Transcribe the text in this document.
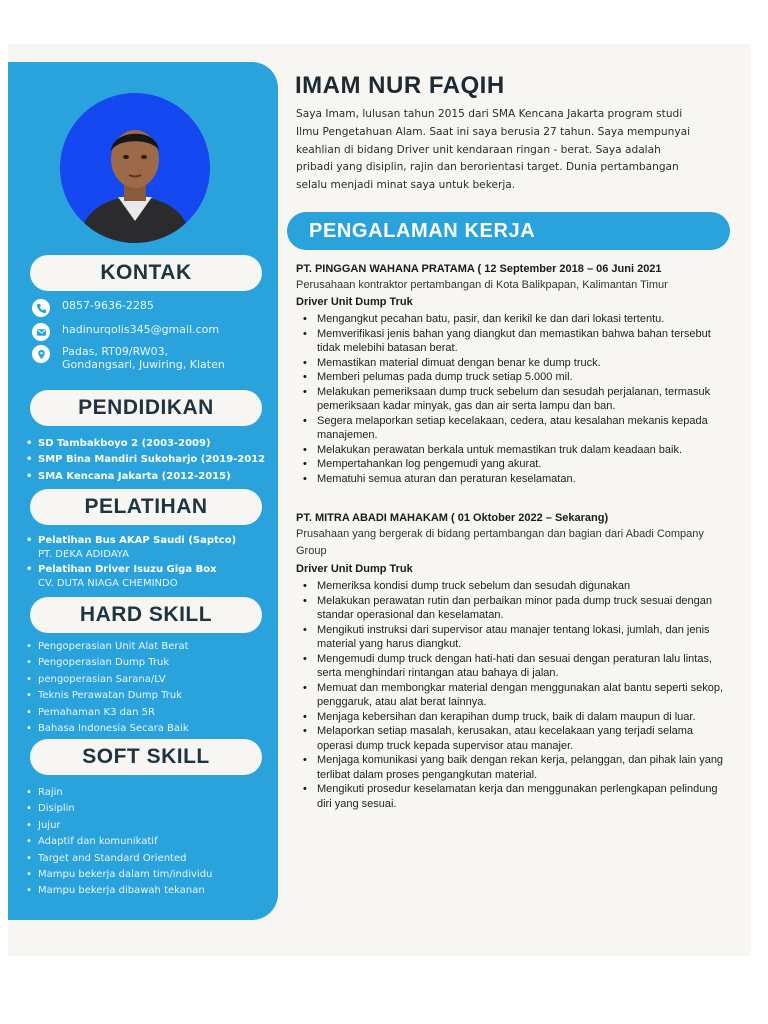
KONTAK
0857-9636-2285
hadinurqolis345@gmail.com
Padas, RT09/RW03, Gondangsari, Juwiring, Klaten
PENDIDIKAN
• SD Tambakboyo 2 (2003-2009)
• SMP Bina Mandiri Sukoharjo (2019-2012
• SMA Kencana Jakarta (2012-2015)
PELATIHAN
• Pelatihan Bus AKAP Saudi (Saptco)
PT. DEKA ADIDAYA
• Pelatihan Driver Isuzu Giga Box
CV. DUTA NIAGA CHEMINDO
HARD SKILL
• Pengoperasian Unit Alat Berat
• Pengoperasian Dump Truk
• pengoperasian Sarana/LV
• Teknis Perawatan Dump Truk
• Pemahaman K3 dan 5R
• Bahasa Indonesia Secara Baik
SOFT SKILL
• Rajin
• Disiplin
• Jujur
• Adaptif dan komunikatif
• Target and Standard Oriented
• Mampu bekerja dalam tim/individu
• Mampu bekerja dibawah tekanan
IMAM NUR FAQIH
Saya Imam, lulusan tahun 2015 dari SMA Kencana Jakarta program studi Ilmu Pengetahuan Alam. Saat ini saya berusia 27 tahun. Saya mempunyai keahlian di bidang Driver unit kendaraan ringan - berat. Saya adalah pribadi yang disiplin, rajin dan berorientasi target. Dunia pertambangan selalu menjadi minat saya untuk bekerja.
PENGALAMAN KERJA
PT. PINGGAN WAHANA PRATAMA ( 12 September 2018 – 06 Juni 2021
Perusahaan kontraktor pertambangan di Kota Balikpapan, Kalimantan Timur
Driver Unit Dump Truk
• Mengangkut pecahan batu, pasir, dan kerikil ke dan dari lokasi tertentu.
• Memverifikasi jenis bahan yang diangkut dan memastikan bahwa bahan tersebut tidak melebihi batasan berat.
• Memastikan material dimuat dengan benar ke dump truck.
• Memberi pelumas pada dump truck setiap 5.000 mil.
• Melakukan pemeriksaan dump truck sebelum dan sesudah perjalanan, termasuk pemeriksaan kadar minyak, gas dan air serta lampu dan ban.
• Segera melaporkan setiap kecelakaan, cedera, atau kesalahan mekanis kepada manajemen.
• Melakukan perawatan berkala untuk memastikan truk dalam keadaan baik.
• Mempertahankan log pengemudi yang akurat.
• Mematuhi semua aturan dan peraturan keselamatan.
PT. MITRA ABADI MAHAKAM ( 01 Oktober 2022 – Sekarang)
Prusahaan yang bergerak di bidang pertambangan dan bagian dari Abadi Company Group
Driver Unit Dump Truk
• Memeriksa kondisi dump truck sebelum dan sesudah digunakan
• Melakukan perawatan rutin dan perbaikan minor pada dump truck sesuai dengan standar operasional dan keselamatan.
• Mengikuti instruksi dari supervisor atau manajer tentang lokasi, jumlah, dan jenis material yang harus diangkut.
• Mengemudi dump truck dengan hati-hati dan sesuai dengan peraturan lalu lintas, serta menghindari rintangan atau bahaya di jalan.
• Memuat dan membongkar material dengan menggunakan alat bantu seperti sekop, penggaruk, atau alat berat lainnya.
• Menjaga kebersihan dan kerapihan dump truck, baik di dalam maupun di luar.
• Melaporkan setiap masalah, kerusakan, atau kecelakaan yang terjadi selama operasi dump truck kepada supervisor atau manajer.
• Menjaga komunikasi yang baik dengan rekan kerja, pelanggan, dan pihak lain yang terlibat dalam proses pengangkutan material.
• Mengikuti prosedur keselamatan kerja dan menggunakan perlengkapan pelindung diri yang sesuai.
